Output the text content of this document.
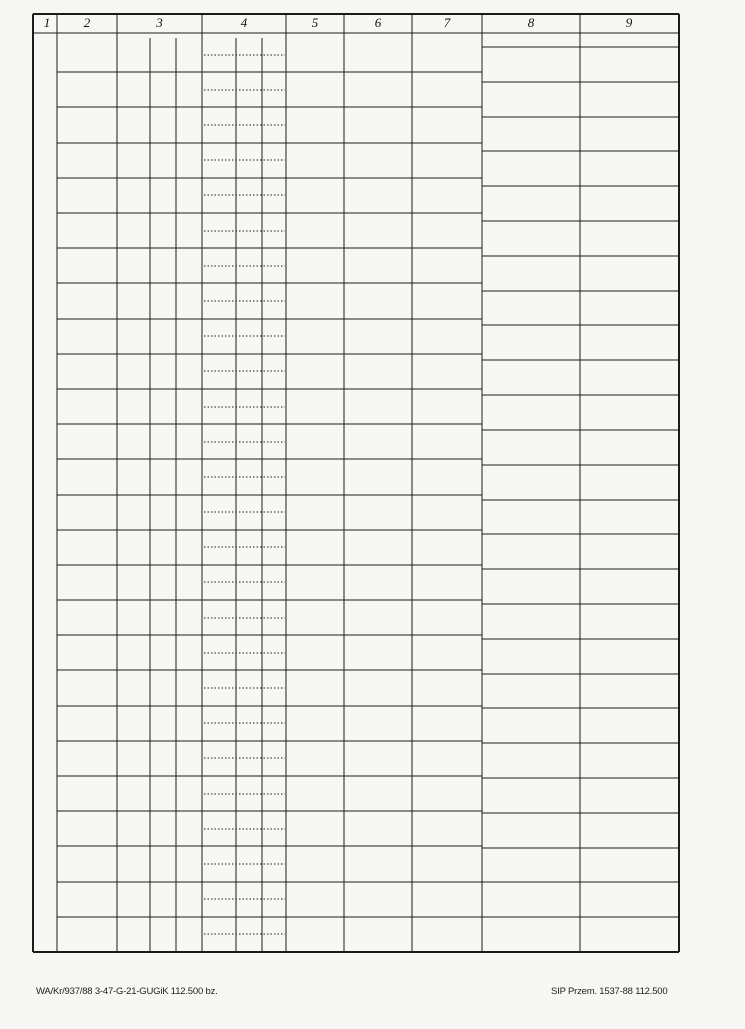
1	2	3	4	5	6	7	8	9
WA/Kr/937/88 3-47-G-21-GUGiK 112.500 bz.	SIP Przem. 1537-88 112.500
